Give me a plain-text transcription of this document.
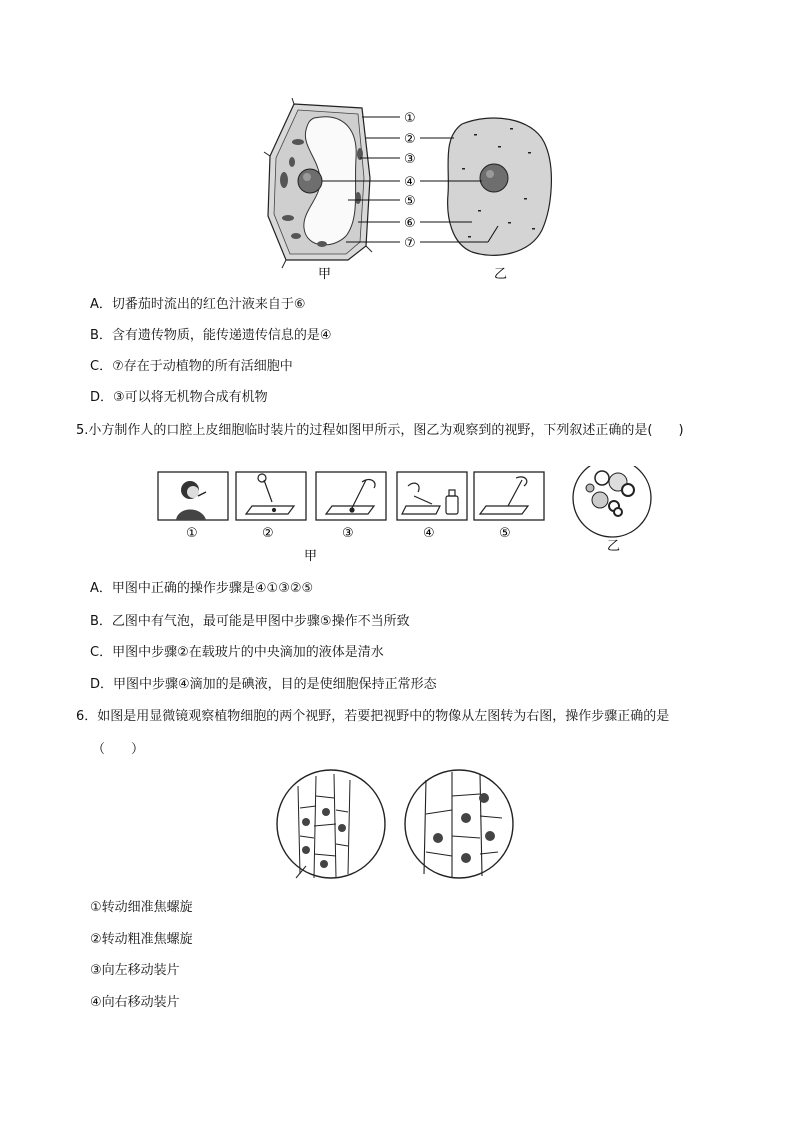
①
②
③
④
⑤
⑥
⑦
甲	乙
A．切番茄时流出的红色汁液来自于⑥
B．含有遗传物质，能传递遗传信息的是④
C．⑦存在于动植物的所有活细胞中
D．③可以将无机物合成有机物
5.小方制作人的口腔上皮细胞临时装片的过程如图甲所示，图乙为观察到的视野，下列叙述正确的是(　　)
①	②	③	④	⑤
甲
乙
A．甲图中正确的操作步骤是④①③②⑤
B．乙图中有气泡，最可能是甲图中步骤⑤操作不当所致
C．甲图中步骤②在载玻片的中央滴加的液体是清水
D．甲图中步骤④滴加的是碘液，目的是使细胞保持正常形态
6．如图是用显微镜观察植物细胞的两个视野，若要把视野中的物像从左图转为右图，操作步骤正确的是
（　　）
①转动细准焦螺旋
②转动粗准焦螺旋
③向左移动装片
④向右移动装片
